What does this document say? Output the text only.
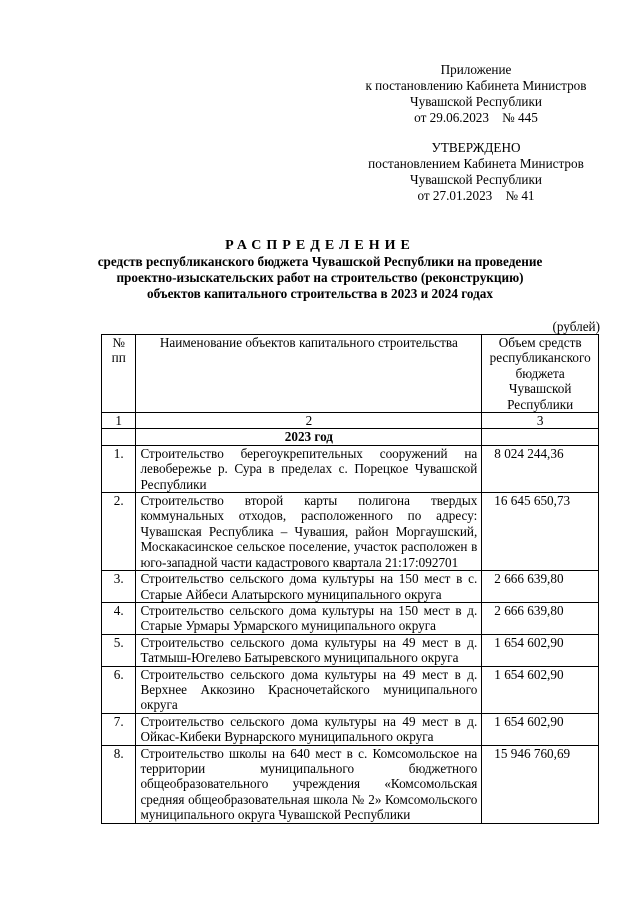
Приложение
к постановлению Кабинета Министров
Чувашской Республики
от 29.06.2023    № 445
УТВЕРЖДЕНО
постановлением Кабинета Министров
Чувашской Республики
от 27.01.2023    № 41
РАСПРЕДЕЛЕНИЕ
средств республиканского бюджета Чувашской Республики на проведение
проектно-изыскательских работ на строительство (реконструкцию)
объектов капитального строительства в 2023 и 2024 годах
(рублей)
№ пп	Наименование объектов капитального строительства	Объем средств республиканского бюджета Чувашской Республики
1	2	3
	2023 год	
1.	Строительство берегоукрепительных сооружений на левобережье р. Сура в пределах с. Порецкое Чувашской Республики	8 024 244,36
2.	Строительство второй карты полигона твердых коммунальных отходов, расположенного по адресу: Чувашская Республика – Чувашия, район Моргаушский, Москакасинское сельское поселение, участок расположен в юго-западной части кадастрового квартала 21:17:092701	16 645 650,73
3.	Строительство сельского дома культуры на 150 мест в с. Старые Айбеси Алатырского муниципального округа	2 666 639,80
4.	Строительство сельского дома культуры на 150 мест в д. Старые Урмары Урмарского муниципального округа	2 666 639,80
5.	Строительство сельского дома культуры на 49 мест в д. Татмыш-Югелево Батыревского муниципального округа	1 654 602,90
6.	Строительство сельского дома культуры на 49 мест в д. Верхнее Аккозино Красночетайского муниципального округа	1 654 602,90
7.	Строительство сельского дома культуры на 49 мест в д. Ойкас-Кибеки Вурнарского муниципального округа	1 654 602,90
8.	Строительство школы на 640 мест в с. Комсомольское на территории муниципального бюджетного общеобразовательного учреждения «Комсомольская средняя общеобразовательная школа № 2» Комсомольского муниципального округа Чувашской Республики	15 946 760,69
